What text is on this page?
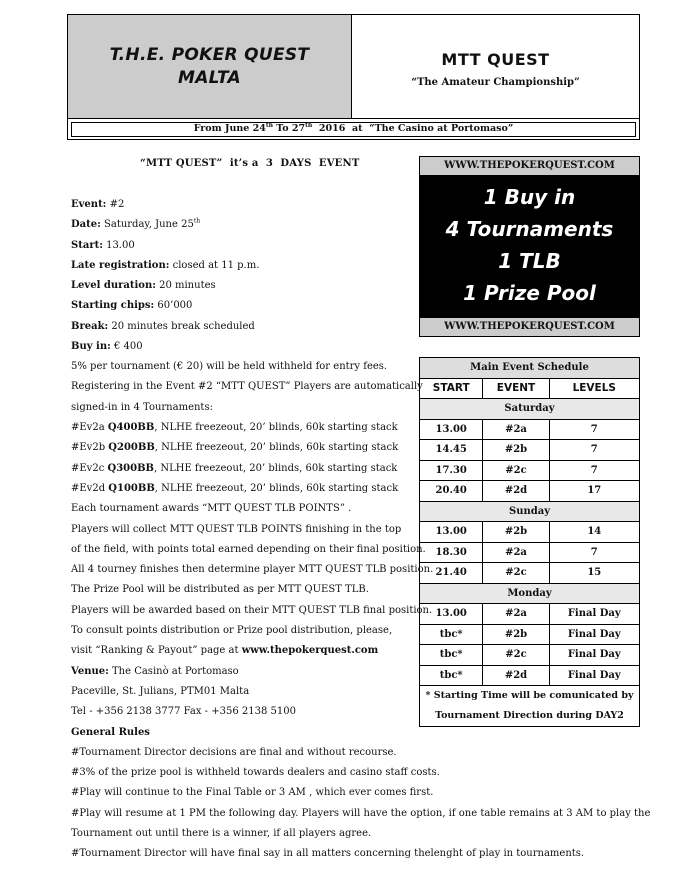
T.H.E. POKER QUEST
MALTA
MTT QUEST
“The Amateur Championship”
From June 24th To 27th  2016  at  “The Casino at Portomaso”
“MTT QUEST”  it’s a  3  DAYS  EVENT
Event: #2
Date: Saturday, June 25th
Start: 13.00
Late registration: closed at 11 p.m.
Level duration: 20 minutes
Starting chips: 60’000
Break: 20 minutes break scheduled
Buy in: € 400
5% per tournament (€ 20) will be held withheld for entry fees.
Registering in the Event #2 “MTT QUEST” Players are automatically
signed-in in 4 Tournaments:
#Ev2a Q400BB, NLHE freezeout, 20’ blinds, 60k starting stack
#Ev2b Q200BB, NLHE freezeout, 20’ blinds, 60k starting stack
#Ev2c Q300BB, NLHE freezeout, 20’ blinds, 60k starting stack
#Ev2d Q100BB, NLHE freezeout, 20’ blinds, 60k starting stack
Each tournament awards “MTT QUEST TLB POINTS” .
Players will collect MTT QUEST TLB POINTS finishing in the top
of the field, with points total earned depending on their final position.
All 4 tourney finishes then determine player MTT QUEST TLB position.
The Prize Pool will be distributed as per MTT QUEST TLB.
Players will be awarded based on their MTT QUEST TLB final position.
To consult points distribution or Prize pool distribution, please,
visit “Ranking & Payout” page at www.thepokerquest.com
Venue: The Casinò at Portomaso
Paceville, St. Julians, PTM01 Malta
Tel - +356 2138 3777 Fax - +356 2138 5100
General Rules
#Tournament Director decisions are final and without recourse.
#3% of the prize pool is withheld towards dealers and casino staff costs.
#Play will continue to the Final Table or 3 AM , which ever comes first.
#Play will resume at 1 PM the following day. Players will have the option, if one table remains at 3 AM to play the
Tournament out until there is a winner, if all players agree.
#Tournament Director will have final say in all matters concerning thelenght of play in tournaments.
WWW.THEPOKERQUEST.COM
1 Buy in
4 Tournaments
1 TLB
1 Prize Pool
WWW.THEPOKERQUEST.COM
Main Event Schedule		
START	EVENT	LEVELS
Saturday		
13.00	#2a	7
14.45	#2b	7
17.30	#2c	7
20.40	#2d	17
Sunday		
13.00	#2b	14
18.30	#2a	7
21.40	#2c	15
Monday		
13.00	#2a	Final Day
tbc*	#2b	Final Day
tbc*	#2c	Final Day
tbc*	#2d	Final Day

* Starting Time will be comunicated by
Tournament Direction during DAY2		
